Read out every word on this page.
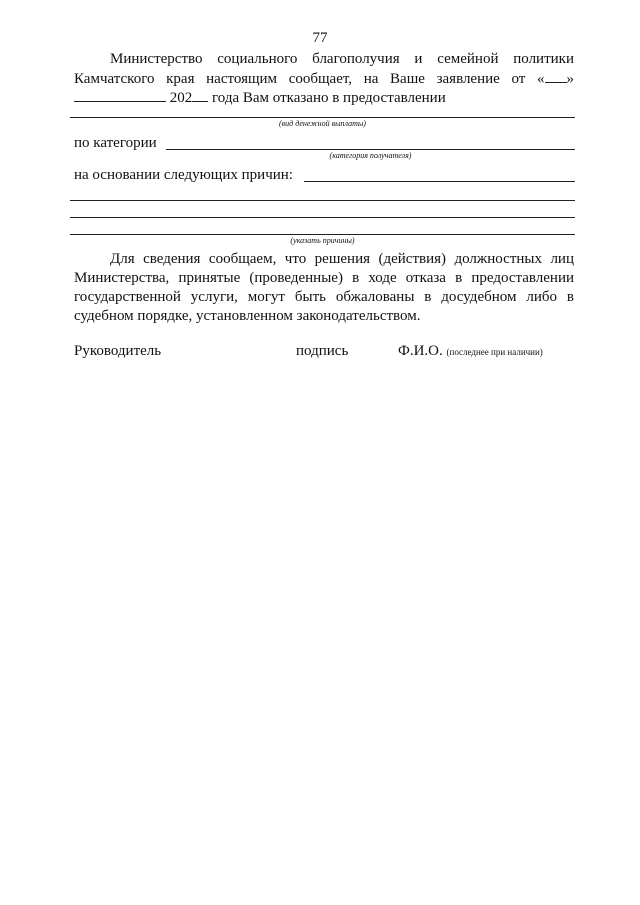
77
Министерство социального благополучия и семейной политики
Камчатского края настоящим сообщает, на Ваше заявление от « »
202 года Вам отказано в предоставлении
(вид денежной выплаты)
по категории
(категория получателя)
на основании следующих причин:
(указать причины)
Для сведения сообщаем, что решения (действия) должностных лиц
Министерства, принятые (проведенные) в ходе отказа в предоставлении
государственной услуги, могут быть обжалованы в досудебном либо в
судебном порядке, установленном законодательством.
Руководитель	подпись	Ф.И.О. (последнее при наличии)
